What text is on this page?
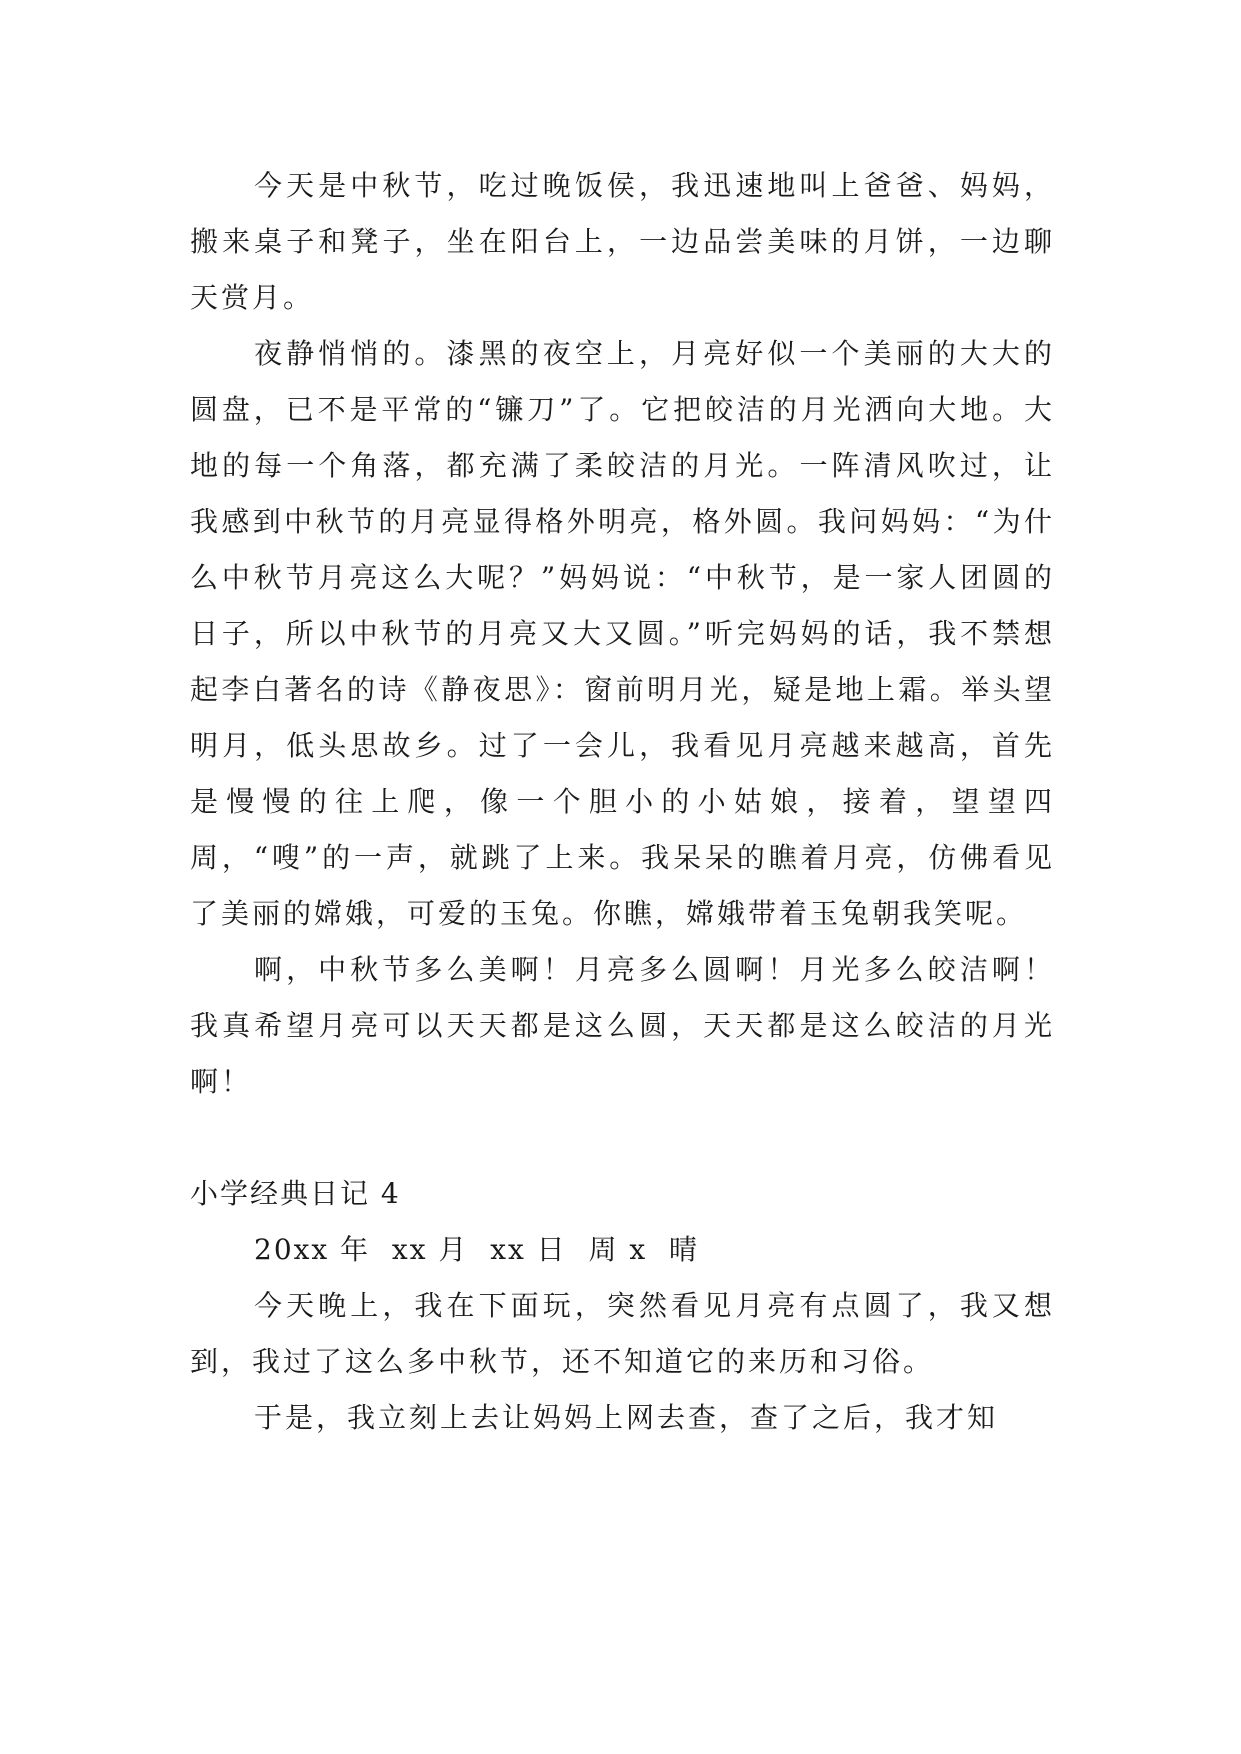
今天是中秋节，吃过晚饭侯，我迅速地叫上爸爸、妈妈，搬来桌子和凳子，坐在阳台上，一边品尝美味的月饼，一边聊天赏月。

夜静悄悄的。漆黑的夜空上，月亮好似一个美丽的大大的圆盘，已不是平常的“镰刀”了。它把皎洁的月光洒向大地。大地的每一个角落，都充满了柔皎洁的月光。一阵清风吹过，让我感到中秋节的月亮显得格外明亮，格外圆。我问妈妈：“为什么中秋节月亮这么大呢？”妈妈说：“中秋节，是一家人团圆的日子，所以中秋节的月亮又大又圆。”听完妈妈的话，我不禁想起李白著名的诗《静夜思》：窗前明月光，疑是地上霜。举头望明月，低头思故乡。过了一会儿，我看见月亮越来越高，首先是慢慢的往上爬，像一个胆小的小姑娘，接着，望望四周，“嗖”的一声，就跳了上来。我呆呆的瞧着月亮，仿佛看见了美丽的嫦娥，可爱的玉兔。你瞧，嫦娥带着玉兔朝我笑呢。

啊，中秋节多么美啊！月亮多么圆啊！月光多么皎洁啊！我真希望月亮可以天天都是这么圆，天天都是这么皎洁的月光啊！

小学经典日记 4

20xx 年  xx 月  xx 日  周 x  晴

今天晚上，我在下面玩，突然看见月亮有点圆了，我又想到，我过了这么多中秋节，还不知道它的来历和习俗。

于是，我立刻上去让妈妈上网去查，查了之后，我才知
